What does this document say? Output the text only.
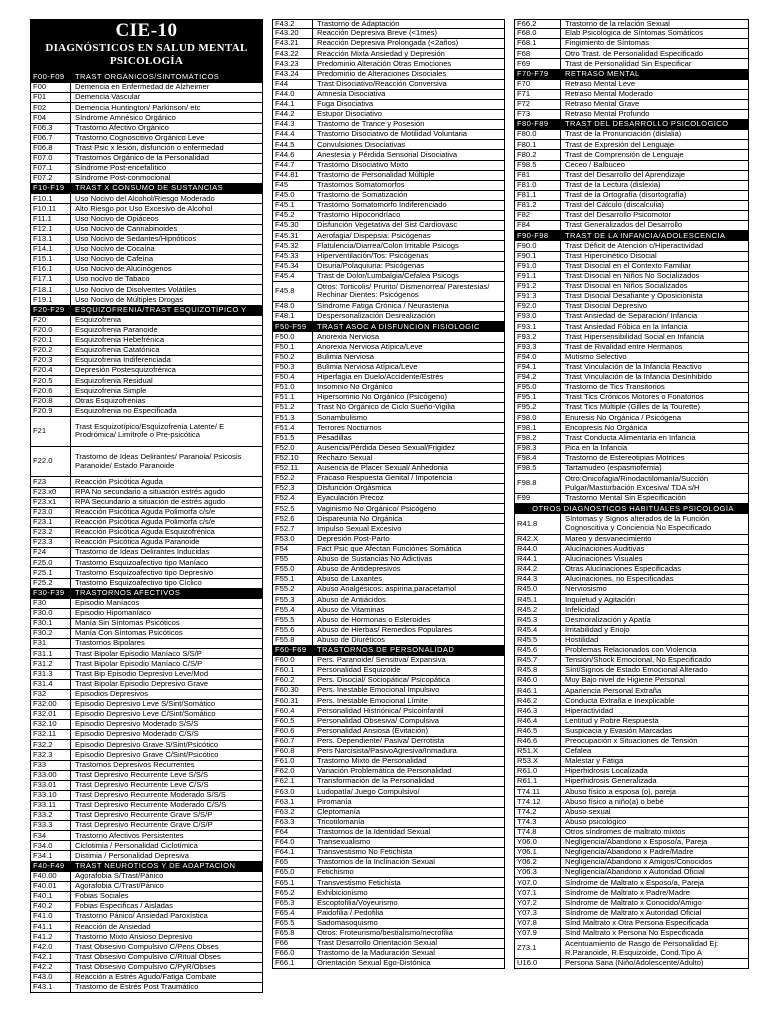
CIE-10
DIAGNÓSTICOS EN SALUD MENTAL
PSICOLOGÍA
F00-F09	TRAST ORGÁNICOS/SINTOMÁTICOS
F00	Demencia en Enfermedad de Alzheimer
F01	Demencia Vascular
F02	Demencia Huntington/ Parkinson/ etc
F04	Síndrome Amnésico Orgánico
F06.3	Trastorno Afectivo Orgánico
F06.7	Trastorno Cognoscitivo Orgánico Leve
F06.8	Trast Psic x lesión, disfunción o enfermedad
F07.0	Trastornos Orgánico de la Personalidad
F07.1	Síndrome Post-encefalítico
F07.2	Síndrome Post-conmocional
F10-F19	TRAST X CONSUMO DE SUSTANCIAS
F10.1	Uso Nocivo del Alcohol/Riesgo Moderado
F10.11	Alto Riesgo por Uso Excesivo de Alcohol
F11.1	Uso Nocivo de Opiáceos
F12.1	Uso Nocivo de Cannabinoides
F13.1	Uso Nocivo de Sedantes/Hipnóticos
F14.1	Uso Nocivo de Cocaína
F15.1	Uso Nocivo de Cafeína
F16.1	Uso Nocivo de Alucinógenos
F17.1	Uso nocivo de Tabaco
F18.1	Uso Nocivo de Disolventes Volátiles
F19.1	Uso Nocivo de Múltiples Drogas
F20-F29	ESQUIZOFRENIA/TRAST ESQUIZOTÍPICO Y
F20	Esquizofrenia
F20.0	Esquizofrenia Paranoide
F20.1	Esquizofrenia Hebefrénica
F20.2	Esquizofrenia Catatónica
F20.3	Esquizofrenia Indiferenciada
F20.4	Depresión Postesquizofrénica
F20.5	Esquizofrenia Residual
F20.6	Esquizofrenia Simple
F20.8	Otras Esquizofrenias
F20.9	Esquizofrenia no Especificada
F21	Trast Esquizotípico/Esquizofrenia Latente/ E Prodrómica/ Limítrofe o Pre-psicótica
F22.0	Trastorno de Ideas Delirantes/ Paranoia/ Psicosis Paranoide/ Estado Paranoide
F23	Reacción Psicótica Aguda
F23.x0	RPA No secundario a situación estrés agudo
F23.x1	RPA Secundario a situación de estrés agudo
F23.0	Reacción Psicótica Aguda Polimorfa c/s/e
F23.1	Reacción Psicótica Aguda Polimorfa c/s/e
F23.2	Reacción Psicótica Aguda Esquizofrénica
F23.3	Reacción Psicótica Aguda Paranoide
F24	Trastorno de Ideas Delirantes Inducidas
F25.0	Trastorno Esquizoafectivo tipo Maníaco
F25.1	Trastorno Esquizoafectivo tipo Depresivo
F25.2	Trastorno Esquizoafectivo tipo Cíclico
F30-F39	TRASTORNOS AFECTIVOS
F30	Episodio Maníacos
F30.0	Episodio Hipomaníaco
F30.1	Manía Sin Síntomas Psicóticos
F30.2	Manía Con Síntomas Psicóticos
F31	Trastornos Bipolares
F31.1	Trast Bipolar Episodio Maníaco S/S/P
F31.2	Trast Bipolar Episodio Maníaco C/S/P
F31.3	Trast Bip Episodio Depresivo Leve/Mod
F31.4	Trast Bipolar Episodio Depresivo Grave
F32	Episodios Depresivos
F32.00	Episodio Depresivo Leve S/Sint/Somático
F32.01	Episodio Depresivo Leve C/Sint/Somático
F32.10	Episodio Depresivo Moderado S/S/S
F32.11	Episodio Depresivo Moderado C/S/S
F32.2	Episodio Depresivo Grave S/Sint/Psicótico
F32.3	Episodio Depresivo Grave C/Sint/Psicótico
F33	Trastornos Depresivos Recurrentes
F33.00	Trast Depresivo Recurrente Leve S/S/S
F33.01	Trast Depresivo Recurrente Leve C/S/S
F33.10	Trast Depresivo Recurrente Moderado S/S/S
F33.11	Trast Depresivo Recurrente Moderado C/S/S
F33.2	Trast Depresivo Recurrente Grave S/S/P
F33.3	Trast Depresivo Recurrente Grave C/S/P
F34	Trastorno Afectivos Persistentes
F34.0	Ciclotimia / Personalidad Ciclotímica
F34.1	Distimia / Personalidad Depresiva
F40-F49	TRAST NEURÓTICOS Y DE ADAPTACIÓN
F40.00	Agorafobia S/Trast/Pánico
F40.01	Agorafobia C/Trast/Pánico
F40.1	Fobias Sociales
F40.2	Fobias Especificas / Aisladas
F41.0	Trastorno Pánico/ Ansiedad Paroxística
F41.1	Reacción de Ansiedad
F41.2	Trastorno Mixto Ansioso Depresivo
F42.0	Trast Obsesivo Compulsivo C/Pens Obses
F42.1	Trast Obsesivo Compulsivo C/Ritual Obses
F42.2	Trast Obsesivo Compulsivo C/PyR/Obses
F43.0	Reacción a Estrés Agudo/Fatiga Combate
F43.1	Trastorno de Estrés Post Traumático
F43.2	Trastorno de Adaptación
F43.20	Reacción Depresiva Breve (<1mes)
F43.21	Reacción Depresiva Prolongada (<2años)
F43.22	Reacción Mixta Ansiedad y Depresión
F43.23	Predominio Alteración Otras Emociones
F43.24	Predominio de Alteraciones Disociales
F44	Trast Disociativo/Reacción Conversiva
F44.0	Amnesia Disociativa
F44.1	Fuga Disociativa
F44.2	Estupor Disociativo
F44.3	Trastorno de Trance y Posesión
F44.4	Trastorno Disociativo de Motilidad Voluntaria
F44.5	Convulsiones Disociativas
F44.6	Anestesia y Pérdida Sensorial Disociativa
F44.7	Trastorno Disociativo Mixto
F44.81	Trastorno de Personalidad Múltiple
F45	Trastornos Somatomorfos
F45.0	Trastorno de Somatización
F45.1	Trastorno Somatomorfo Indiferenciado
F45.2	Trastorno Hipocondríaco
F45.30	Disfunción Vegetativa del Sist Cardiovasc
F45.31	Aerofagia/ Dispepsia: Psicógenas
F45.32	Flatulencia/Diarrea/Colon Irritable Psicogs
F45.33	Hiperventilación/Tos: Psicógenas
F45.34	Disuria/Polaquiuria: Psicógenas
F45.4	Trast de Dolor/Lumbalgia/Cefalea Psicogs
F45.8	Otros: Torticolis/ Prurito/ Dismenorrea/ Parestesias/ Rechinar Dientes: Psicógenos
F48.0	Síndrome Fatiga Crónica / Neurastenia
F48.1	Despersonalización Desrealización
F50-F59	TRAST ASOC A DISFUNCIÓN FISIOLÓGIC
F50.0	Anorexia Nerviosa
F50.1	Anorexia Nerviosa Atípica/Leve
F50.2	Bulimia Nerviosa
F50.3	Bulimia Nerviosa Atípica/Leve
F50.4	Hiperfagia en Duelo/Accidente/Estrés
F51.0	Insomnio No Orgánico
F51.1	Hipersomnio No Orgánico (Psicógeno)
F51.2	Trast No Orgánico de Ciclo Sueño-Vigilia
F51.3	Sonambulismo
F51.4	Terrores Nocturnos
F51.5	Pesadillas
F52.0	Ausencia/Pérdida Deseo Sexual/Frigidez
F52.10	Rechazo Sexual
F52.11	Ausencia de Placer Sexual/ Anhedonia
F52.2	Fracaso Respuesta Genital / Impotencia
F52.3	Disfunción Orgásmica
F52.4	Eyaculación Precoz
F52.5	Vaginismo No Orgánico/ Psicógeno
F52.6	Dispareunia No Orgánica
F52.7	Impulso Sexual Excesivo
F53.0	Depresión Post-Parto
F54	Fact Psic que Afectan Funciónes Somática
F55	Abuso de Sustancias No Adictivas
F55.0	Abuso de Antidepresivos
F55.1	Abuso de Laxantes
F55.2	Abuso Analgésicos: aspirina,paracetamol
F55.3	Abuso de Antiácidos
F55.4	Abuso de Vitaminas
F55.5	Abuso de Hormonas o Esteroides
F55.6	Abuso de Hierbas/ Remedios Populares
F55.8	Abuso de Diuréticos
F60-F69	TRASTORNOS DE PERSONALIDAD
F60.0	Pers. Paranoide/ Sensitiva/ Expansiva
F60.1	Personalidad Esquizoide
F60.2	Pers. Disocial/ Sociopática/ Psicopática
F60.30	Pers. Inestable Emocional Impulsivo
F60.31	Pers. Inestable Emocional Límite
F60.4	Personalidad Histriónica/ Psicoinfantil
F60.5	Personalidad Obsesiva/ Compulsiva
F60.6	Personalidad Ansiosa (Evitación)
F60.7	Pers. Dependiente/ Pasiva/ Derrotista
F60.8	Pers Narcisista/PasivoAgresiva/Inmadura
F61.0	Trastorno Mixto de Personalidad
F62.0	Variación Problemática de Personalidad
F62.1	Transformación de la Personalidad
F63.0	Ludopatía/ Juego Compulsivo/
F63.1	Piromanía
F63.2	Cleptomanía
F63.3	Tricotilomanía
F64	Trastornos de la Identidad Sexual
F64.0	Transexualismo
F64.1	Transvestismo No Fetichista
F65	Trastornos de la Inclinación Sexual
F65.0	Fetichismo
F65.1	Transvestismo Fetichista
F65.2	Exhibicionismo
F65.3	Escoptofilia/Voyeurismo
F65.4	Paidofilia / Pedofilia
F65.5	Sadomasoquismo
F65.8	Otros: Froteurismo/bestialismo/necrofilia
F66	Trast Desarrollo Orientación Sexual
F66.0	Trastorno de la Maduración Sexual
F66.1	Orientación Sexual Ego-Distónica
F66.2	Trastorno de la relación Sexual
F68.0	Elab Psicológica de Síntomas Somáticos
F68.1	Fingimiento de Síntomas
F68	Otro Trast. de Personalidad Especificado
F69	Trast de Personalidad Sin Especificar
F70-F79	RETRASO MENTAL
F70	Retraso Mental Leve
F71	Retraso Mental Moderado
F72	Retraso Mental Grave
F73	Retraso Mental Profundo
F80-F89	TRAST DEL DESARROLLO PSICOLÓGICO
F80.0	Trast de la Pronunciación (dislalia)
F80.1	Trast de Expresión del Lenguaje
F80.2	Trast de Comprensión de Lenguaje
F98.5	Ceceo / Balbuceo
F81	Trast del Desarrollo del Aprendizaje
F81.0	Trast de la Lectura (dislexia)
F81.1	Trast de la Ortografía (disortografía)
F81.2	Trast del Cálculo (discalculia)
F82	Trast del Desarrollo Psicomotor
F84	Trast Generalizados del Desarrollo
F90-F98	TRAST DE LA INFANCIA/ADOLESCENCIA
F90.0	Trast Déficit de Atención c/Hiperactividad
F90.1	Trast Hipercinético Disocial
F91.0	Trast Disocial en el Contexto Familiar
F91.1	Trast Disocial en Niños No Socializados
F91.2	Trast Disocial en Niños Socializados
F91.3	Trast Disocial Desafiante y Oposicionista
F92.0	Trast Disocial Depresivo
F93.0	Trast Ansiedad de Separación/ Infancia
F93.1	Trast Ansiedad Fóbica en la Infancia
F93.2	Trast Hipersensibilidad Social en Infancia
F93.3	Trast de Rivalidad entre Hermanos
F94.0	Mutismo Selectivo
F94.1	Trast Vinculación de la Infancia Reactivo
F94.2	Trast Vinculación de la Infancia Desinhibido
F95.0	Trastorno de Tics Transitorios
F95.1	Trast Tics Crónicos Motores o Fonatorios
F95.2	Trast Tics Múltiple (Gilles de la Tourette)
F98.0	Enuresis No Orgánica / Psicógena
F98.1	Encopresis No Orgánica
F98.2	Trast Conducta Alimentaria en Infancia
F98.3	Pica en la Infancia
F98.4	Trastorno de Estereotipias Motrices
F98.5	Tartamudeo (espasmofemia)
F98.8	Otro:Onicofagia/Rinodactilomanía/Succión Pulgar/Masturbación Excesiva/ TDA s/H
F99	Trastorno Mental Sin Especificación
OTROS DIAGNÓSTICOS HABITUALES PSICOLOGÍA
R41.8	Síntomas y Signos alterados de la Función Cognoscitiva y Conciencia No Especificado
R42.X	Mareo y desvanecimiento
R44.0	Alucinaciones Auditivas
R44.1	Alucinaciones Visuales
R44.2	Otras Alucinaciones Especificadas
R44.3	Alucinaciones, no Especificadas
R45.0	Nerviosismo
R45.1	Inquietud y Agitación
R45.2	Infelicidad
R45.3	Desmoralización y Apatía
R45.4	Irritabilidad y Enojo
R45.5	Hostilidad
R45.6	Problemas Relacionados con Violencia
R45.7	Tensión/Shock Emocional, No Especificado
R45.8	Sínt/Signos de Estado Emocional Alterado
R46.0	Muy Bajo nivel de Higiene Personal
R46.1	Apariencia Personal Extraña
R46.2	Conducta Extraña e Inexplicable
R46.3	Hiperactividad
R46.4	Lentitud y Pobre Respuesta
R46.5	Suspicacia y Evasión Marcadas
R46.6	Preocupación x Situaciones de Tensión
R51.X	Cefalea
R53.X	Malestar y Fatiga
R61.0	Hiperhidrosis Localizada
R61.1	Hiperhidrosis Generalizada
T74.11	Abuso físico a esposa (o), pareja
T74.12	Abuso físico a niño(a) o bebé
T74.2	Abuso sexual
T74.3	Abuso psicológico
T74.8	Otros síndromes de maltrato mixtos
Y06.0	Negligencia/Abandono x Esposo/a, Pareja
Y06.1	Negligencia/Abandono x Padre/Madre
Y06.2	Negligencia/Abandono x Amigos/Conocidos
Y06.3	Negligencia/Abandono x Autoridad Oficial
Y07.0	Síndrome de Maltrato x Esposo/a, Pareja
Y07.1	Síndrome de Maltrato x Padre/Madre
Y07.2	Síndrome de Maltrato x Conocido/Amigo
Y07.3	Síndrome de Maltrato x Autoridad Oficial
Y07.8	Sínd Maltrato x Otra Persona Especificada
Y07.9	Sínd Maltrato x Persona No Especificada
Z73.1	Acentuamiento de Rasgo de Personalidad Ej: R.Paranoide, R.Esquizoide, Cond.Tipo A
U16.0	Persona Sana (Niño/Adolescente/Adulto)
